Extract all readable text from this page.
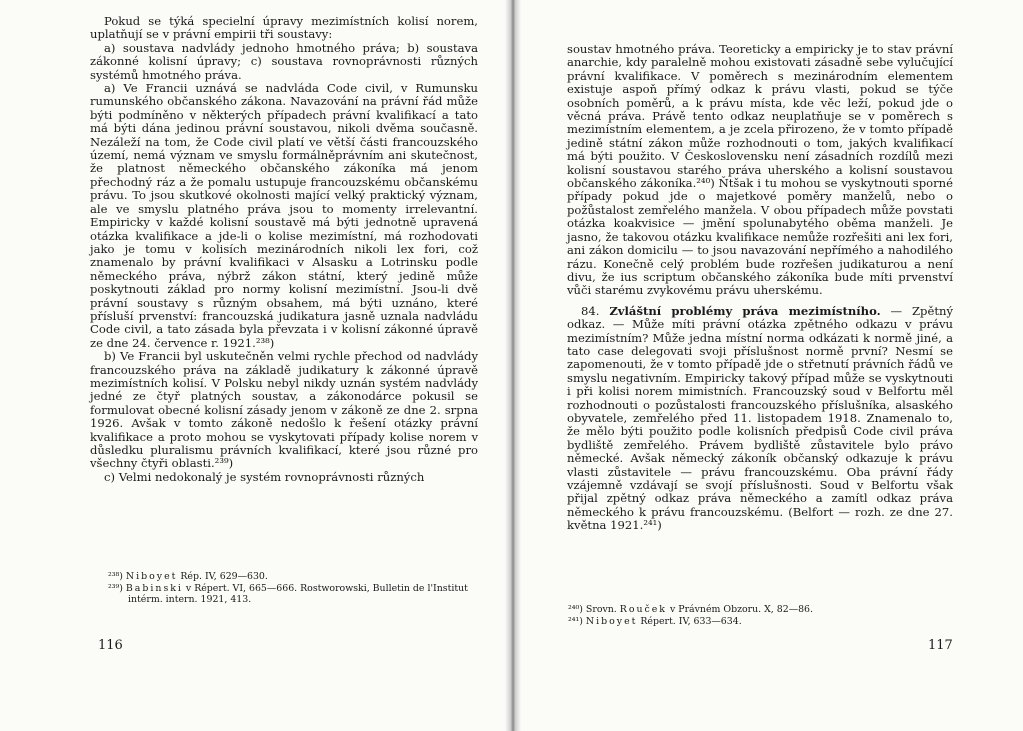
Pokud se týká specielní úpravy mezimístních kolisí norem, uplatňují se v právní empirii tři soustavy:

a) soustava nadvlády jednoho hmotného práva; b) soustava zákonné kolisní úpravy; c) soustava rovnoprávnosti různých systémů hmotného práva.

a) Ve Francii uznává se nadvláda Code civil, v Rumunsku rumunského občanského zákona. Navazování na právní řád může býti podmíněno v některých případech právní kvalifikací a tato má býti dána jedinou právní soustavou, nikoli dvěma současně. Nezáleží na tom, že Code civil platí ve větší části francouzského území, nemá význam ve smyslu formálněprávním ani skutečnost, že platnost německého občanského zákoníka má jenom přechodný ráz a že pomalu ustupuje francouzskému občanskému právu. To jsou skutkové okolnosti mající velký praktický význam, ale ve smyslu platného práva jsou to momenty irrelevantní. Empiricky v každé kolisní soustavě má býti jednotně upravená otázka kvalifikace a jde-li o kolise mezimístní, má rozhodovati jako je tomu v kolisích mezinárodních nikoli lex fori, což znamenalo by právní kvalifikaci v Alsasku a Lotrinsku podle německého práva, nýbrž zákon státní, který jedině může poskytnouti základ pro normy kolisní mezimístní. Jsou-li dvě právní soustavy s různým obsahem, má býti uznáno, které přísluší prvenství: francouzská judikatura jasně uznala nadvládu Code civil, a tato zásada byla převzata i v kolisní zákonné úpravě ze dne 24. července r. 1921.²³⁸)

b) Ve Francii byl uskutečněn velmi rychle přechod od nadvlády francouzského práva na základě judikatury k zákonné úpravě mezimístních kolisí. V Polsku nebyl nikdy uznán systém nadvlády jedné ze čtyř platných soustav, a zákonodárce pokusil se formulovat obecné kolisní zásady jenom v zákoně ze dne 2. srpna 1926. Avšak v tomto zákoně nedošlo k řešení otázky právní kvalifikace a proto mohou se vyskytovati případy kolise norem v důsledku pluralismu právních kvalifikací, které jsou různé pro všechny čtyři oblasti.²³⁹)

c) Velmi nedokonalý je systém rovnoprávnosti různých

²³⁸) Niboyet Rép. IV, 629—630.

²³⁹) Babinski v Répert. VI, 665—666. Rostworowski, Bulletin de l'Institut intérm. intern. 1921, 413.

116

soustav hmotného práva. Teoreticky a empiricky je to stav právní anarchie, kdy paralelně mohou existovati zásadně sebe vylučující právní kvalifikace. V poměrech s mezinárodním elementem existuje aspoň přímý odkaz k právu vlasti, pokud se týče osobních poměrů, a k právu místa, kde věc leží, pokud jde o věcná práva. Právě tento odkaz neuplatňuje se v poměrech s mezimístním elementem, a je zcela přirozeno, že v tomto případě jedině státní zákon může rozhodnouti o tom, jakých kvalifikací má býti použito. V Československu není zásadních rozdílů mezi kolisní soustavou starého práva uherského a kolisní soustavou občanského zákoníka.²⁴⁰) Ňtšak i tu mohou se vyskytnouti sporné případy pokud jde o majetkové poměry manželů, nebo o požůstalost zemřelého manžela. V obou případech může povstati otázka koakvisice — jmění spolunabytého oběma manželi. Je jasno, že takovou otázku kvalifikace nemůže rozřešiti ani lex fori, ani zákon domicilu — to jsou navazování nepřímého a nahodilého rázu. Konečně celý problém bude rozřešen judikaturou a není divu, že ius scriptum občanského zákoníka bude míti prvenství vůči starému zvykovému právu uherskému.

84. Zvláštní problémy práva mezimístního. — Zpětný odkaz. — Může míti právní otázka zpětného odkazu v právu mezimístním? Může jedna místní norma odkázati k normě jiné, a tato case delegovati svoji příslušnost normě první? Nesmí se zapomenouti, že v tomto případě jde o střetnutí právních řádů ve smyslu negativním. Empiricky takový případ může se vyskytnouti i při kolisi norem mimistních. Francouzský soud v Belfortu měl rozhodnouti o pozůstalosti francouzského příslušníka, alsaského obyvatele, zemřelého před 11. listopadem 1918. Znamenalo to, že mělo býti použito podle kolisních předpisů Code civil práva bydliště zemřelého. Právem bydliště zůstavitele bylo právo německé. Avšak německý zákoník občanský odkazuje k právu vlasti zůstavitele — právu francouzskému. Oba právní řády vzájemně vzdávají se svojí příslušnosti. Soud v Belfortu však přijal zpětný odkaz práva německého a zamítl odkaz práva německého k právu francouzskému. (Belfort — rozh. ze dne 27. května 1921.²⁴¹)

²⁴⁰) Srovn. Rouček v Právném Obzoru. X, 82—86.

²⁴¹) Niboyet Répert. IV, 633—634.

117
